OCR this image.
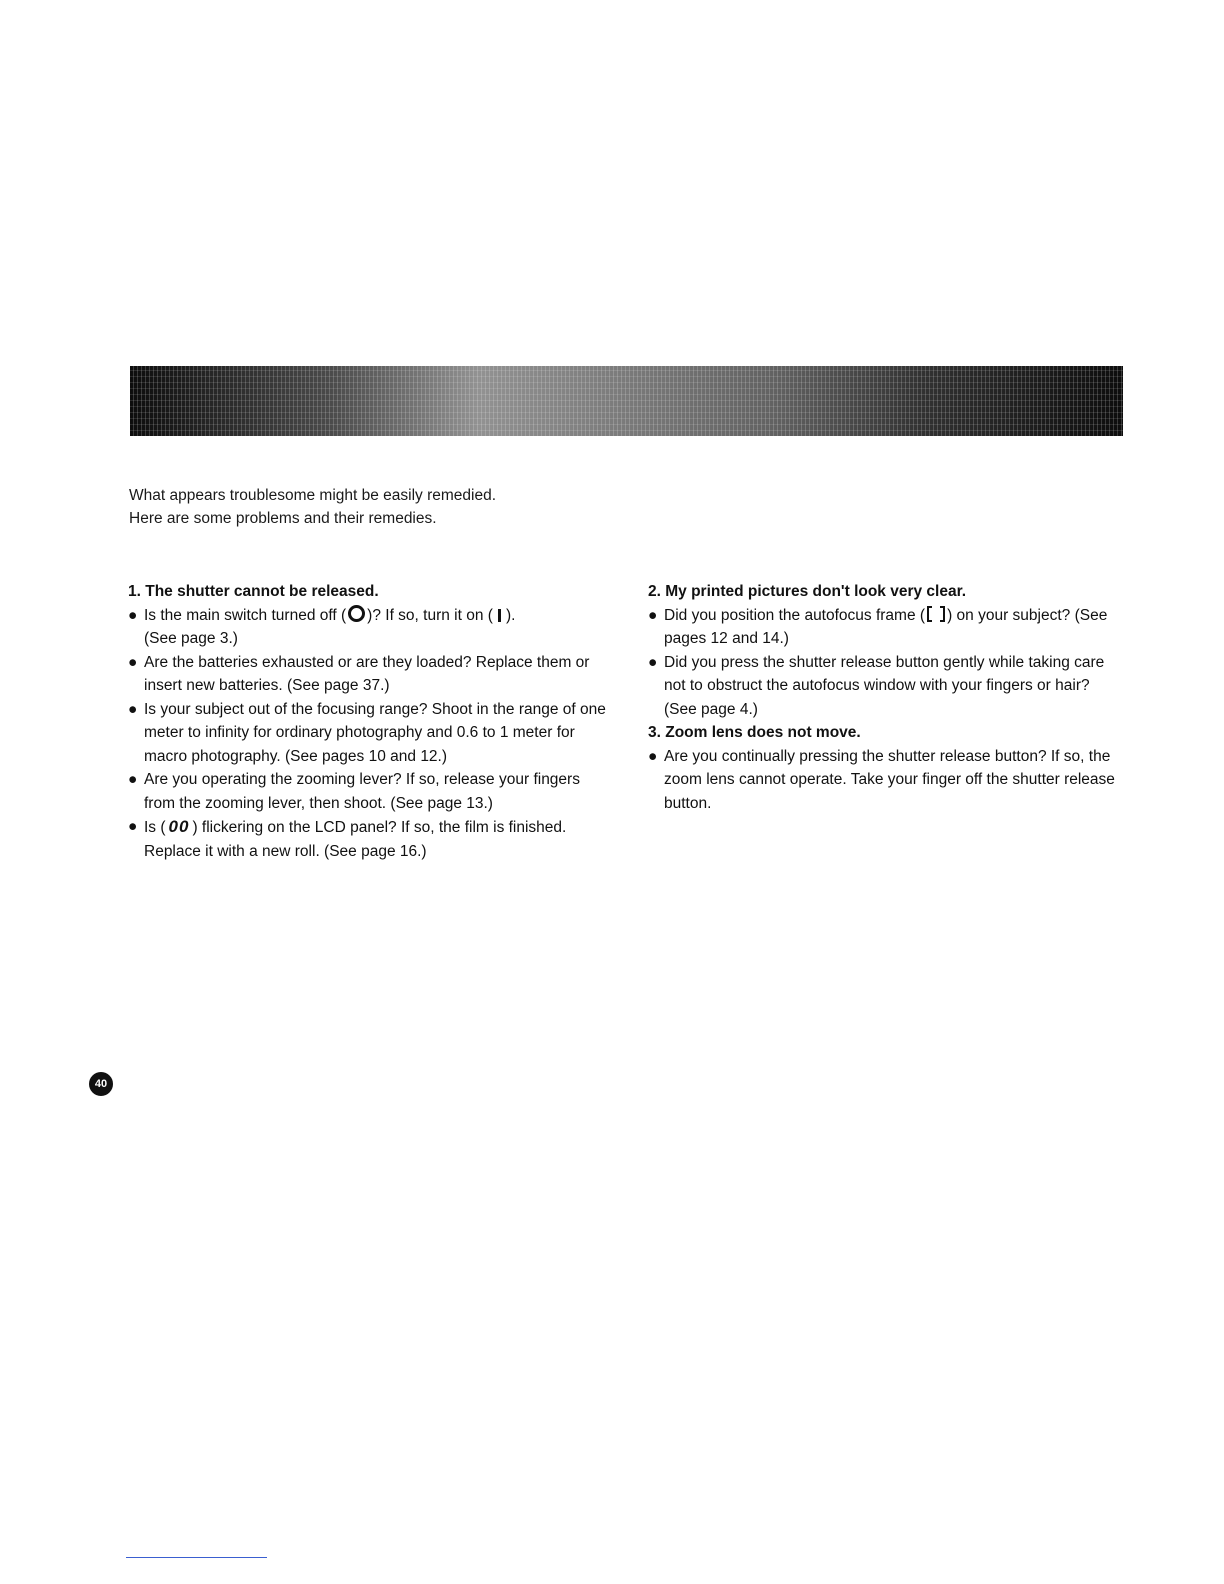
What appears troublesome might be easily remedied.

Here are some problems and their remedies.

1. The shutter cannot be released.
● Is the main switch turned off ( )? If so, turn it on ( ).
(See page 3.)
● Are the batteries exhausted or are they loaded? Replace them or insert new batteries. (See page 37.)
● Is your subject out of the focusing range? Shoot in the range of one meter to infinity for ordinary photography and 0.6 to 1 meter for macro photography. (See pages 10 and 12.)
● Are you operating the zooming lever? If so, release your fingers from the zooming lever, then shoot. (See page 13.)
● Is ( 00 ) flickering on the LCD panel? If so, the film is finished. Replace it with a new roll. (See page 16.)
2. My printed pictures don't look very clear.
● Did you position the autofocus frame ( ) on your subject? (See pages 12 and 14.)
● Did you press the shutter release button gently while taking care not to obstruct the autofocus window with your fingers or hair? (See page 4.)
3. Zoom lens does not move.
● Are you continually pressing the shutter release button? If so, the zoom lens cannot operate. Take your finger off the shutter release button.
40
